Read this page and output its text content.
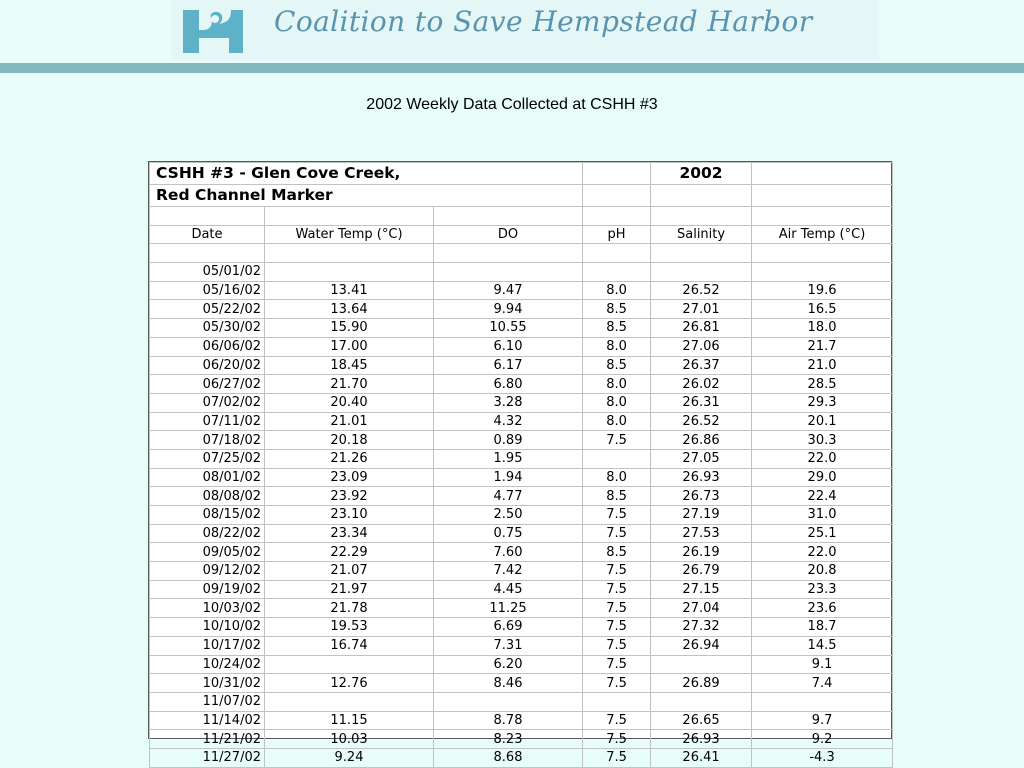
Coalition to Save Hempstead Harbor
2002 Weekly Data Collected at CSHH #3
CSHH #3 - Glen Cove Creek,				2002	
Red Channel Marker					

Date	Water Temp (°C)	DO	pH	Salinity	Air Temp (°C)

05/01/02					
05/16/02	13.41	9.47	8.0	26.52	19.6
05/22/02	13.64	9.94	8.5	27.01	16.5
05/30/02	15.90	10.55	8.5	26.81	18.0
06/06/02	17.00	6.10	8.0	27.06	21.7
06/20/02	18.45	6.17	8.5	26.37	21.0
06/27/02	21.70	6.80	8.0	26.02	28.5
07/02/02	20.40	3.28	8.0	26.31	29.3
07/11/02	21.01	4.32	8.0	26.52	20.1
07/18/02	20.18	0.89	7.5	26.86	30.3
07/25/02	21.26	1.95		27.05	22.0
08/01/02	23.09	1.94	8.0	26.93	29.0
08/08/02	23.92	4.77	8.5	26.73	22.4
08/15/02	23.10	2.50	7.5	27.19	31.0
08/22/02	23.34	0.75	7.5	27.53	25.1
09/05/02	22.29	7.60	8.5	26.19	22.0
09/12/02	21.07	7.42	7.5	26.79	20.8
09/19/02	21.97	4.45	7.5	27.15	23.3
10/03/02	21.78	11.25	7.5	27.04	23.6
10/10/02	19.53	6.69	7.5	27.32	18.7
10/17/02	16.74	7.31	7.5	26.94	14.5
10/24/02		6.20	7.5		9.1
10/31/02	12.76	8.46	7.5	26.89	7.4
11/07/02					
11/14/02	11.15	8.78	7.5	26.65	9.7
11/21/02	10.03	8.23	7.5	26.93	9.2
11/27/02	9.24	8.68	7.5	26.41	-4.3
